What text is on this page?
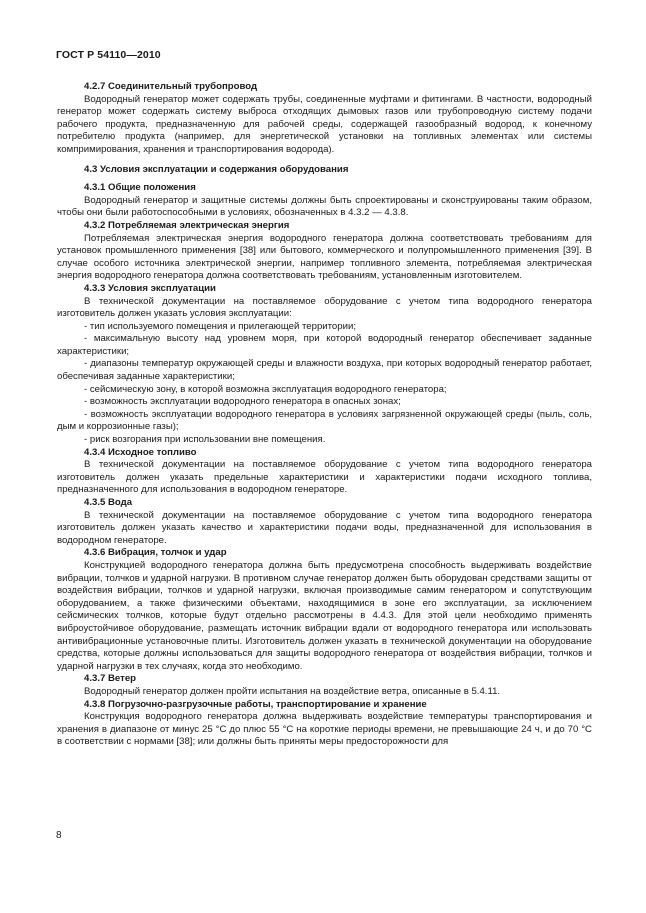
ГОСТ Р 54110—2010
4.2.7 Соединительный трубопровод

Водородный генератор может содержать трубы, соединенные муфтами и фитингами. В частности, водородный генератор может содержать систему выброса отходящих дымовых газов или трубопроводную систему подачи рабочего продукта, предназначенную для рабочей среды, содержащей газообразный водород, к конечному потребителю продукта (например, для энергетической установки на топливных элементах или системы компримирования, хранения и транспортирования водорода).

4.3 Условия эксплуатации и содержания оборудования
4.3.1 Общие положения

Водородный генератор и защитные системы должны быть спроектированы и сконструированы таким образом, чтобы они были работоспособными в условиях, обозначенных в 4.3.2 — 4.3.8.

4.3.2 Потребляемая электрическая энергия

Потребляемая электрическая энергия водородного генератора должна соответствовать требованиям для установок промышленного применения [38] или бытового, коммерческого и полупромышленного применения [39]. В случае особого источника электрической энергии, например топливного элемента, потребляемая электрическая энергия водородного генератора должна соответствовать требованиям, установленным изготовителем.

4.3.3 Условия эксплуатации

В технической документации на поставляемое оборудование с учетом типа водородного генератора изготовитель должен указать условия эксплуатации:

- тип используемого помещения и прилегающей территории;

- максимальную высоту над уровнем моря, при которой водородный генератор обеспечивает заданные характеристики;

- диапазоны температур окружающей среды и влажности воздуха, при которых водородный генератор работает, обеспечивая заданные характеристики;

- сейсмическую зону, в которой возможна эксплуатация водородного генератора;

- возможность эксплуатации водородного генератора в опасных зонах;

- возможность эксплуатации водородного генератора в условиях загрязненной окружающей среды (пыль, соль, дым и коррозионные газы);

- риск возгорания при использовании вне помещения.

4.3.4 Исходное топливо

В технической документации на поставляемое оборудование с учетом типа водородного генератора изготовитель должен указать предельные характеристики и характеристики подачи исходного топлива, предназначенного для использования в водородном генераторе.

4.3.5 Вода

В технической документации на поставляемое оборудование с учетом типа водородного генератора изготовитель должен указать качество и характеристики подачи воды, предназначенной для использования в водородном генераторе.

4.3.6 Вибрация, толчок и удар

Конструкцией водородного генератора должна быть предусмотрена способность выдерживать воздействие вибрации, толчков и ударной нагрузки. В противном случае генератор должен быть оборудован средствами защиты от воздействия вибрации, толчков и ударной нагрузки, включая производимые самим генератором и сопутствующим оборудованием, а также физическими объектами, находящимися в зоне его эксплуатации, за исключением сейсмических толчков, которые будут отдельно рассмотрены в 4.4.3. Для этой цели необходимо применять виброустойчивое оборудование, размещать источник вибрации вдали от водородного генератора или использовать антивибрационные установочные плиты. Изготовитель должен указать в технической документации на оборудование средства, которые должны использоваться для защиты водородного генератора от воздействия вибрации, толчков и ударной нагрузки в тех случаях, когда это необходимо.

4.3.7 Ветер

Водородный генератор должен пройти испытания на воздействие ветра, описанные в 5.4.11.

4.3.8 Погрузочно-разгрузочные работы, транспортирование и хранение

Конструкция водородного генератора должна выдерживать воздействие температуры транспортирования и хранения в диапазоне от минус 25 °С до плюс 55 °С на короткие периоды времени, не превышающие 24 ч, и до 70 °С в соответствии с нормами [38]; или должны быть приняты меры предосторожности для

8
